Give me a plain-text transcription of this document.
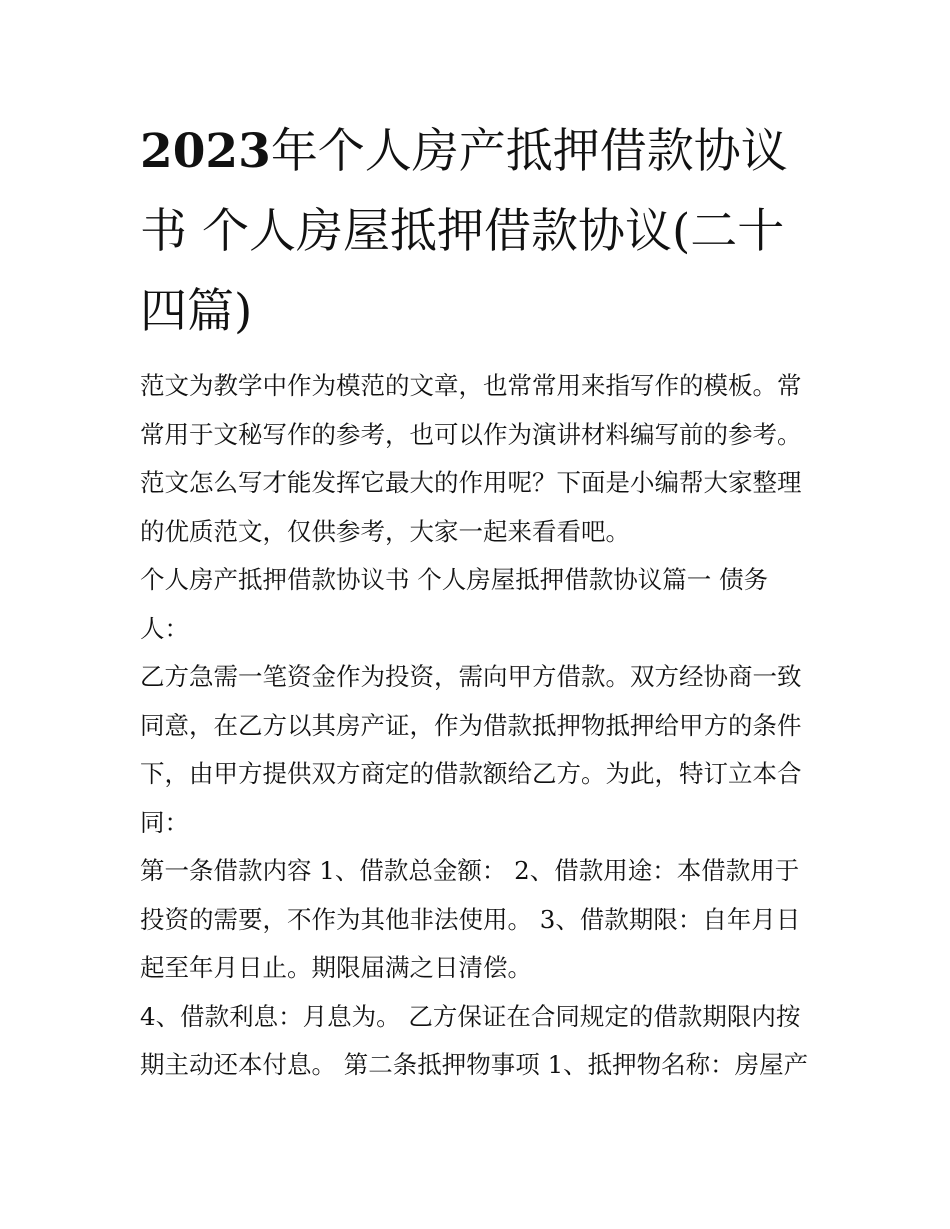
2023年个人房产抵押借款协议书 个人房屋抵押借款协议(二十四篇)

范文为教学中作为模范的文章，也常常用来指写作的模板。常常用于文秘写作的参考，也可以作为演讲材料编写前的参考。范文怎么写才能发挥它最大的作用呢？下面是小编帮大家整理的优质范文，仅供参考，大家一起来看看吧。

个人房产抵押借款协议书 个人房屋抵押借款协议篇一 债务人：

乙方急需一笔资金作为投资，需向甲方借款。双方经协商一致同意，在乙方以其房产证，作为借款抵押物抵押给甲方的条件下，由甲方提供双方商定的借款额给乙方。为此，特订立本合同：

第一条借款内容 1、借款总金额： 2、借款用途：本借款用于投资的需要，不作为其他非法使用。 3、借款期限：自年月日起至年月日止。期限届满之日清偿。

4、借款利息：月息为。 乙方保证在合同规定的借款期限内按期主动还本付息。 第二条抵押物事项 1、抵押物名称：房屋产
